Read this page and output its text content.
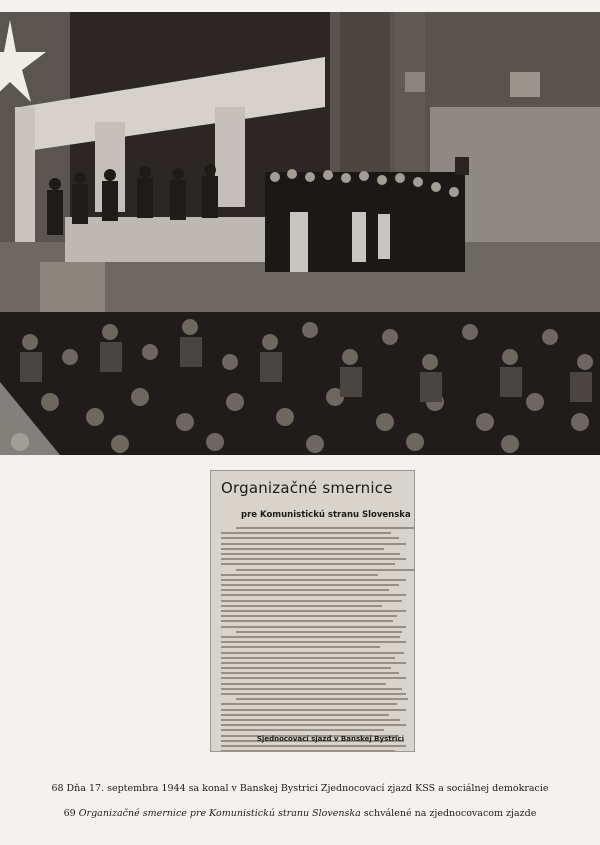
Organizačné smernice
pre Komunistickú stranu Slovenska
Sjednocovací sjazd v Banskej Bystrici
68 Dňa 17. septembra 1944 sa konal v Banskej Bystrici Zjednocovací zjazd KSS a sociálnej demokracie
69 Organizačné smernice pre Komunistickú stranu Slovenska schválené na zjednocovacom zjazde
